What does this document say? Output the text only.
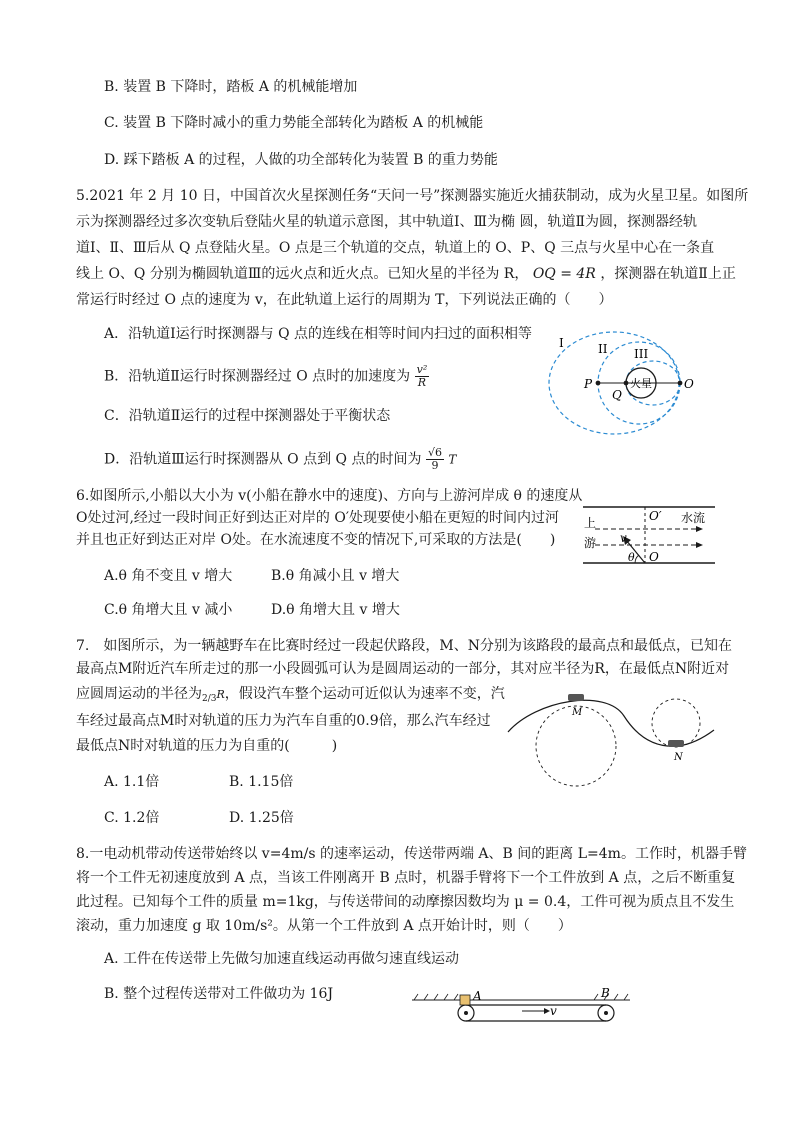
B. 装置 B 下降时，踏板 A 的机械能增加
C. 装置 B 下降时减小的重力势能全部转化为踏板 A 的机械能
D. 踩下踏板 A 的过程，人做的功全部转化为装置 B 的重力势能
5.2021 年 2 月 10 日，中国首次火星探测任务“天问一号”探测器实施近火捕获制动，成为火星卫星。如图所
示为探测器经过多次变轨后登陆火星的轨道示意图，其中轨道Ⅰ、Ⅲ为椭 圆，轨道Ⅱ为圆，探测器经轨
道Ⅰ、Ⅱ、Ⅲ后从 Q 点登陆火星。O 点是三个轨道的交点，轨道上的 O、P、Q 三点与火星中心在一条直
线上 O、Q 分别为椭圆轨道Ⅲ的远火点和近火点。已知火星的半径为 R， OQ = 4R ，探测器在轨道Ⅱ上正
常运行时经过 O 点的速度为 v，在此轨道上运行的周期为 T，下列说法正确的（　　）
A．沿轨道Ⅰ运行时探测器与 Q 点的连线在相等时间内扫过的面积相等
B．沿轨道Ⅱ运行时探测器经过 O 点时的加速度为 $\frac{\text{v²}}{R}$
C．沿轨道Ⅱ运行的过程中探测器处于平衡状态
D．沿轨道Ⅲ运行时探测器从 O 点到 Q 点的时间为 $\frac{√6}{9}$ T
I	II III
P
Q
O
火星
6.如图所示,小船以大小为 v(小船在静水中的速度)、方向与上游河岸成 θ 的速度从
O处过河,经过一段时间正好到达正对岸的 O′处现要使小船在更短的时间内过河
并且也正好到达正对岸 O处。在水流速度不变的情况下,可采取的方法是(　　)
A.θ 角不变且 v 增大	B.θ 角减小且 v 增大
C.θ 角增大且 v 减小	D.θ 角增大且 v 增大
O′ 水流
上
游 v
θ O
7.　如图所示，为一辆越野车在比赛时经过一段起伏路段，M、N分别为该路段的最高点和最低点，已知在
最高点M附近汽车所走过的那一小段圆弧可认为是圆周运动的一部分，其对应半径为R，在最低点N附近对
应圆周运动的半径为$_{2/3}$R，假设汽车整个运动可近似认为速率不变，汽
车经过最高点M时对轨道的压力为汽车自重的0.9倍，那么汽车经过
最低点N时对轨道的压力为自重的(　　　)
A. 1.1倍	B. 1.15倍
C. 1.2倍	D. 1.25倍
M
N
8.一电动机带动传送带始终以 v=4m/s 的速率运动，传送带两端 A、B 间的距离 L=4m。工作时，机器手臂
将一个工件无初速度放到 A 点，当该工件刚离开 B 点时，机器手臂将下一个工件放到 A 点，之后不断重复
此过程。已知每个工件的质量 m=1kg，与传送带间的动摩擦因数均为 μ = 0.4，工件可视为质点且不发生
滚动，重力加速度 g 取 10m/s²。从第一个工件放到 A 点开始计时，则（　　）
A. 工件在传送带上先做匀加速直线运动再做匀速直线运动
B. 整个过程传送带对工件做功为 16J	A	B
v
